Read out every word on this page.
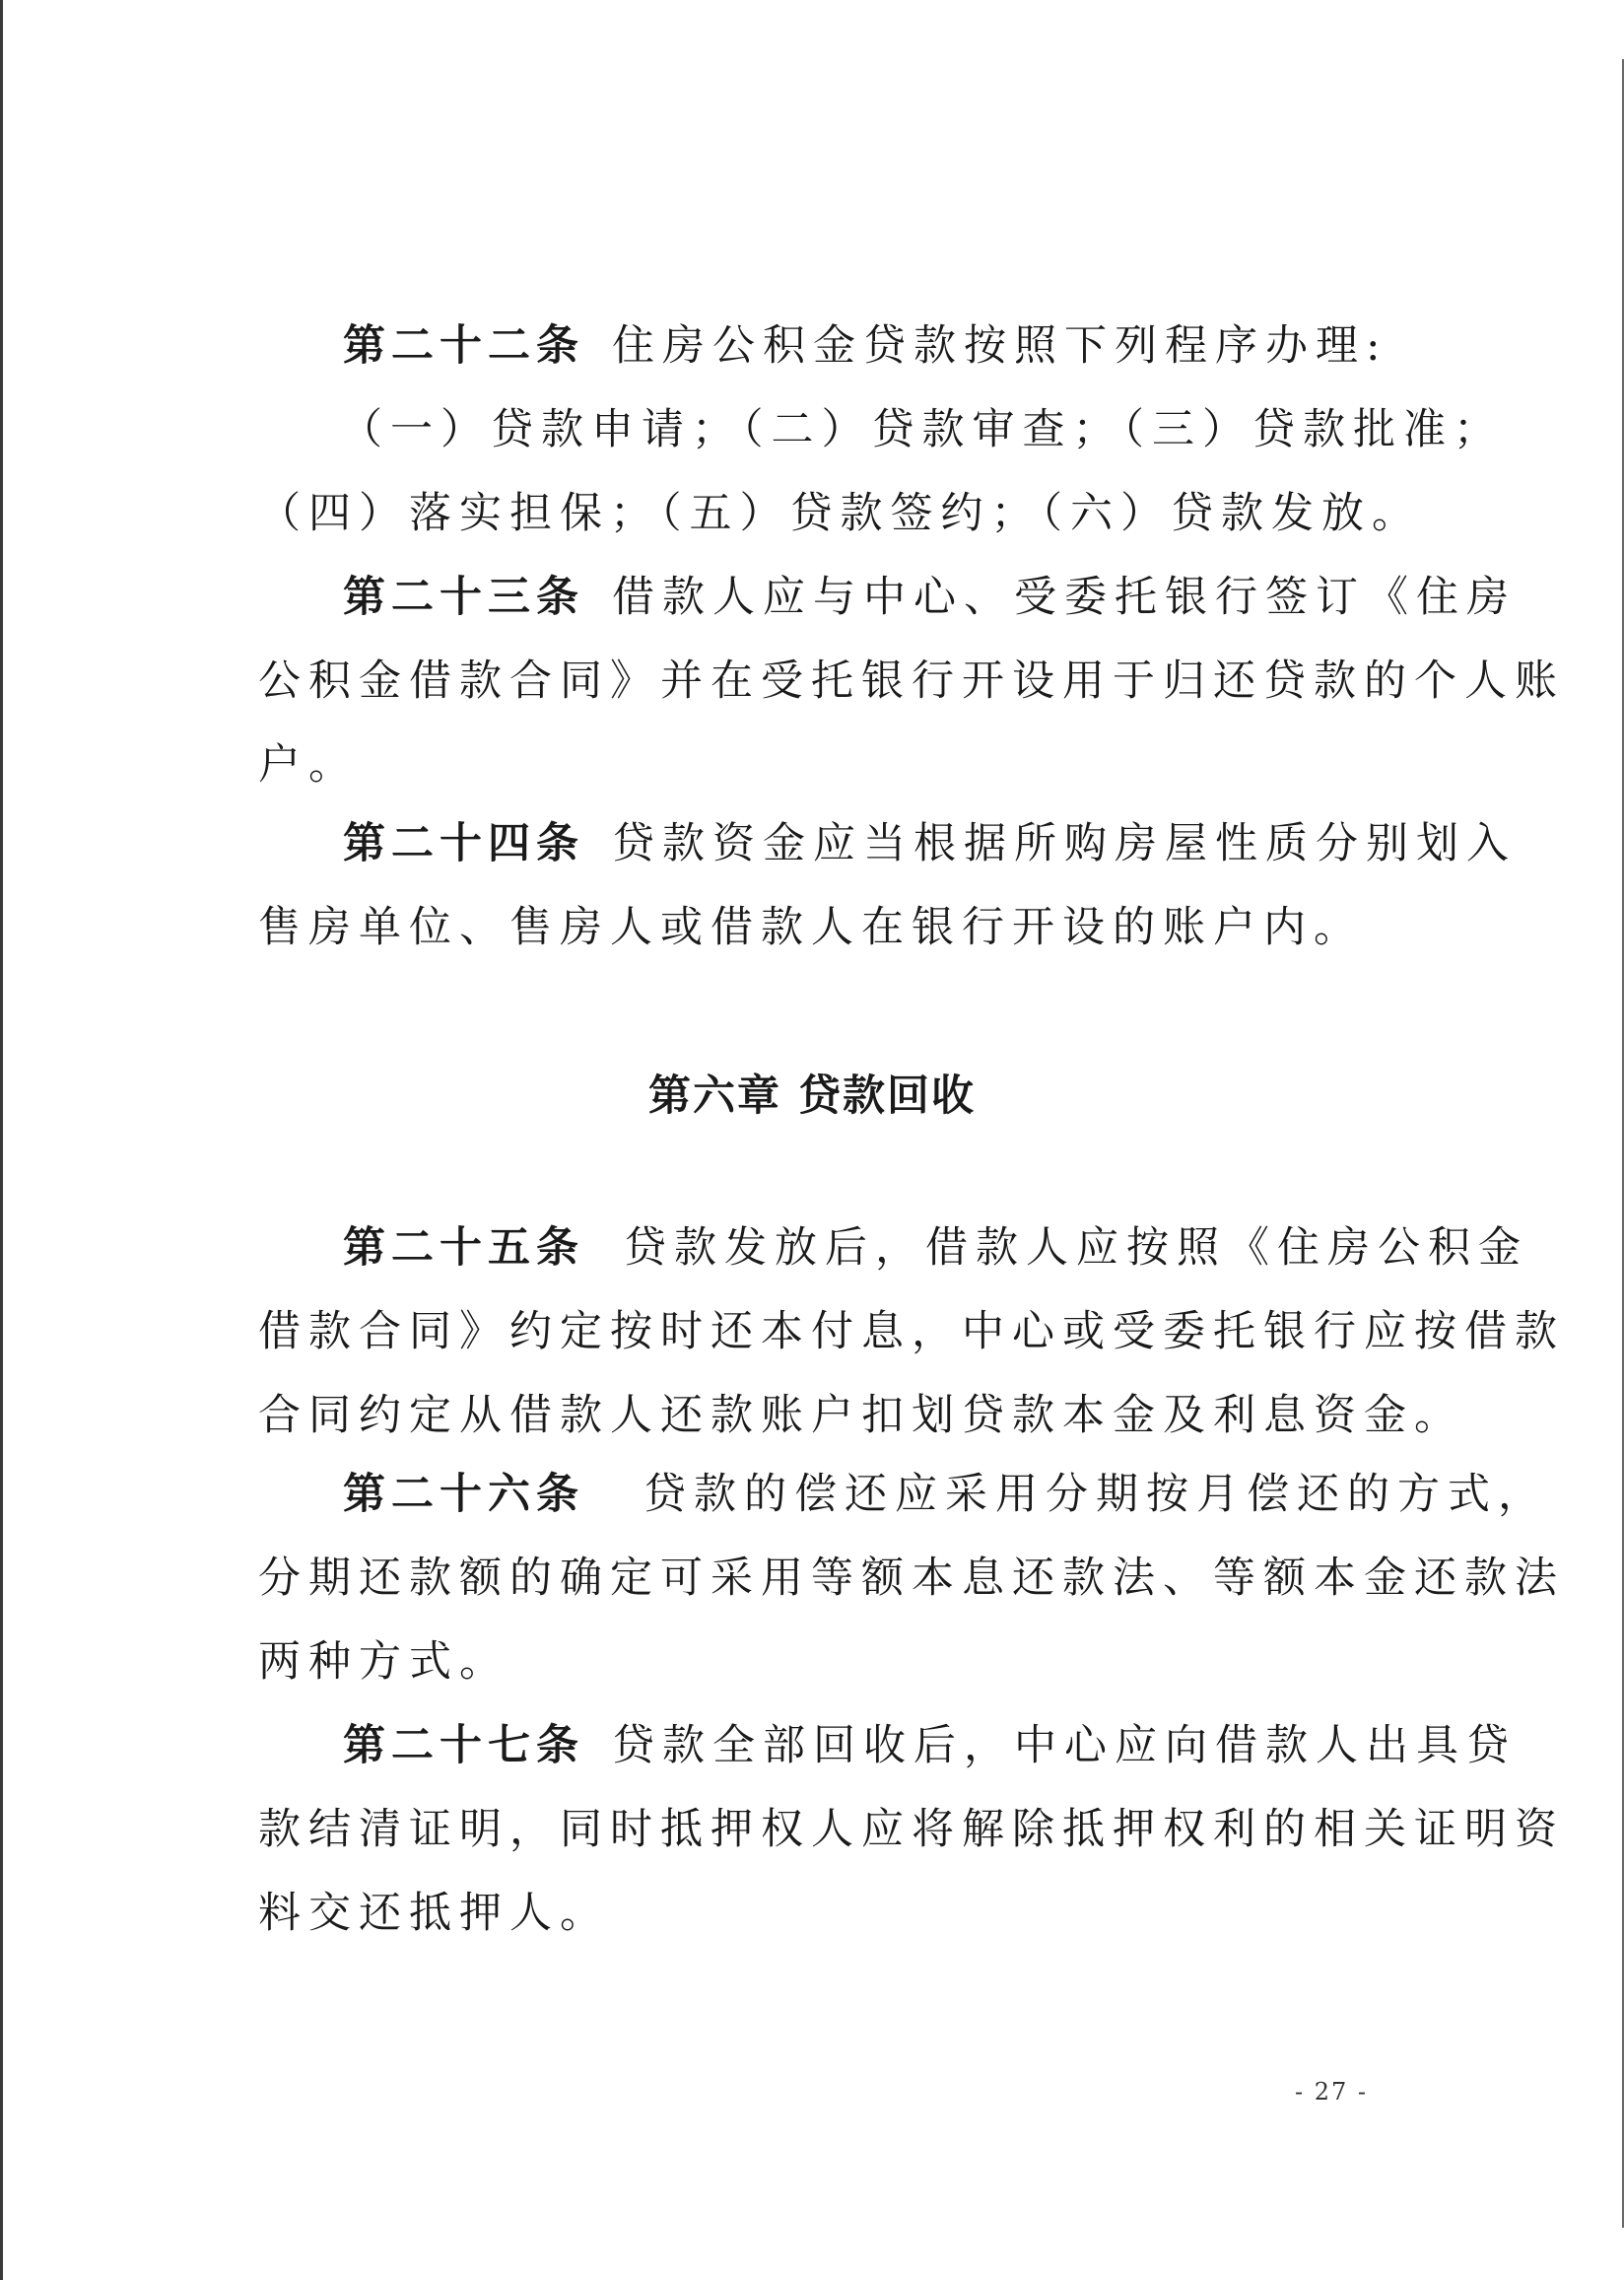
第二十二条 住房公积金贷款按照下列程序办理:
（一）贷款申请；（二）贷款审查；（三）贷款批准；
（四）落实担保；（五）贷款签约；（六）贷款发放。
第二十三条 借款人应与中心、受委托银行签订《住房
公积金借款合同》并在受托银行开设用于归还贷款的个人账
户。
第二十四条 贷款资金应当根据所购房屋性质分别划入
售房单位、售房人或借款人在银行开设的账户内。
第六章 贷款回收
第二十五条 贷款发放后，借款人应按照《住房公积金
借款合同》约定按时还本付息，中心或受委托银行应按借款
合同约定从借款人还款账户扣划贷款本金及利息资金。
第二十六条 贷款的偿还应采用分期按月偿还的方式，
分期还款额的确定可采用等额本息还款法、等额本金还款法
两种方式。
第二十七条 贷款全部回收后，中心应向借款人出具贷
款结清证明，同时抵押权人应将解除抵押权利的相关证明资
料交还抵押人。
- 27 -
